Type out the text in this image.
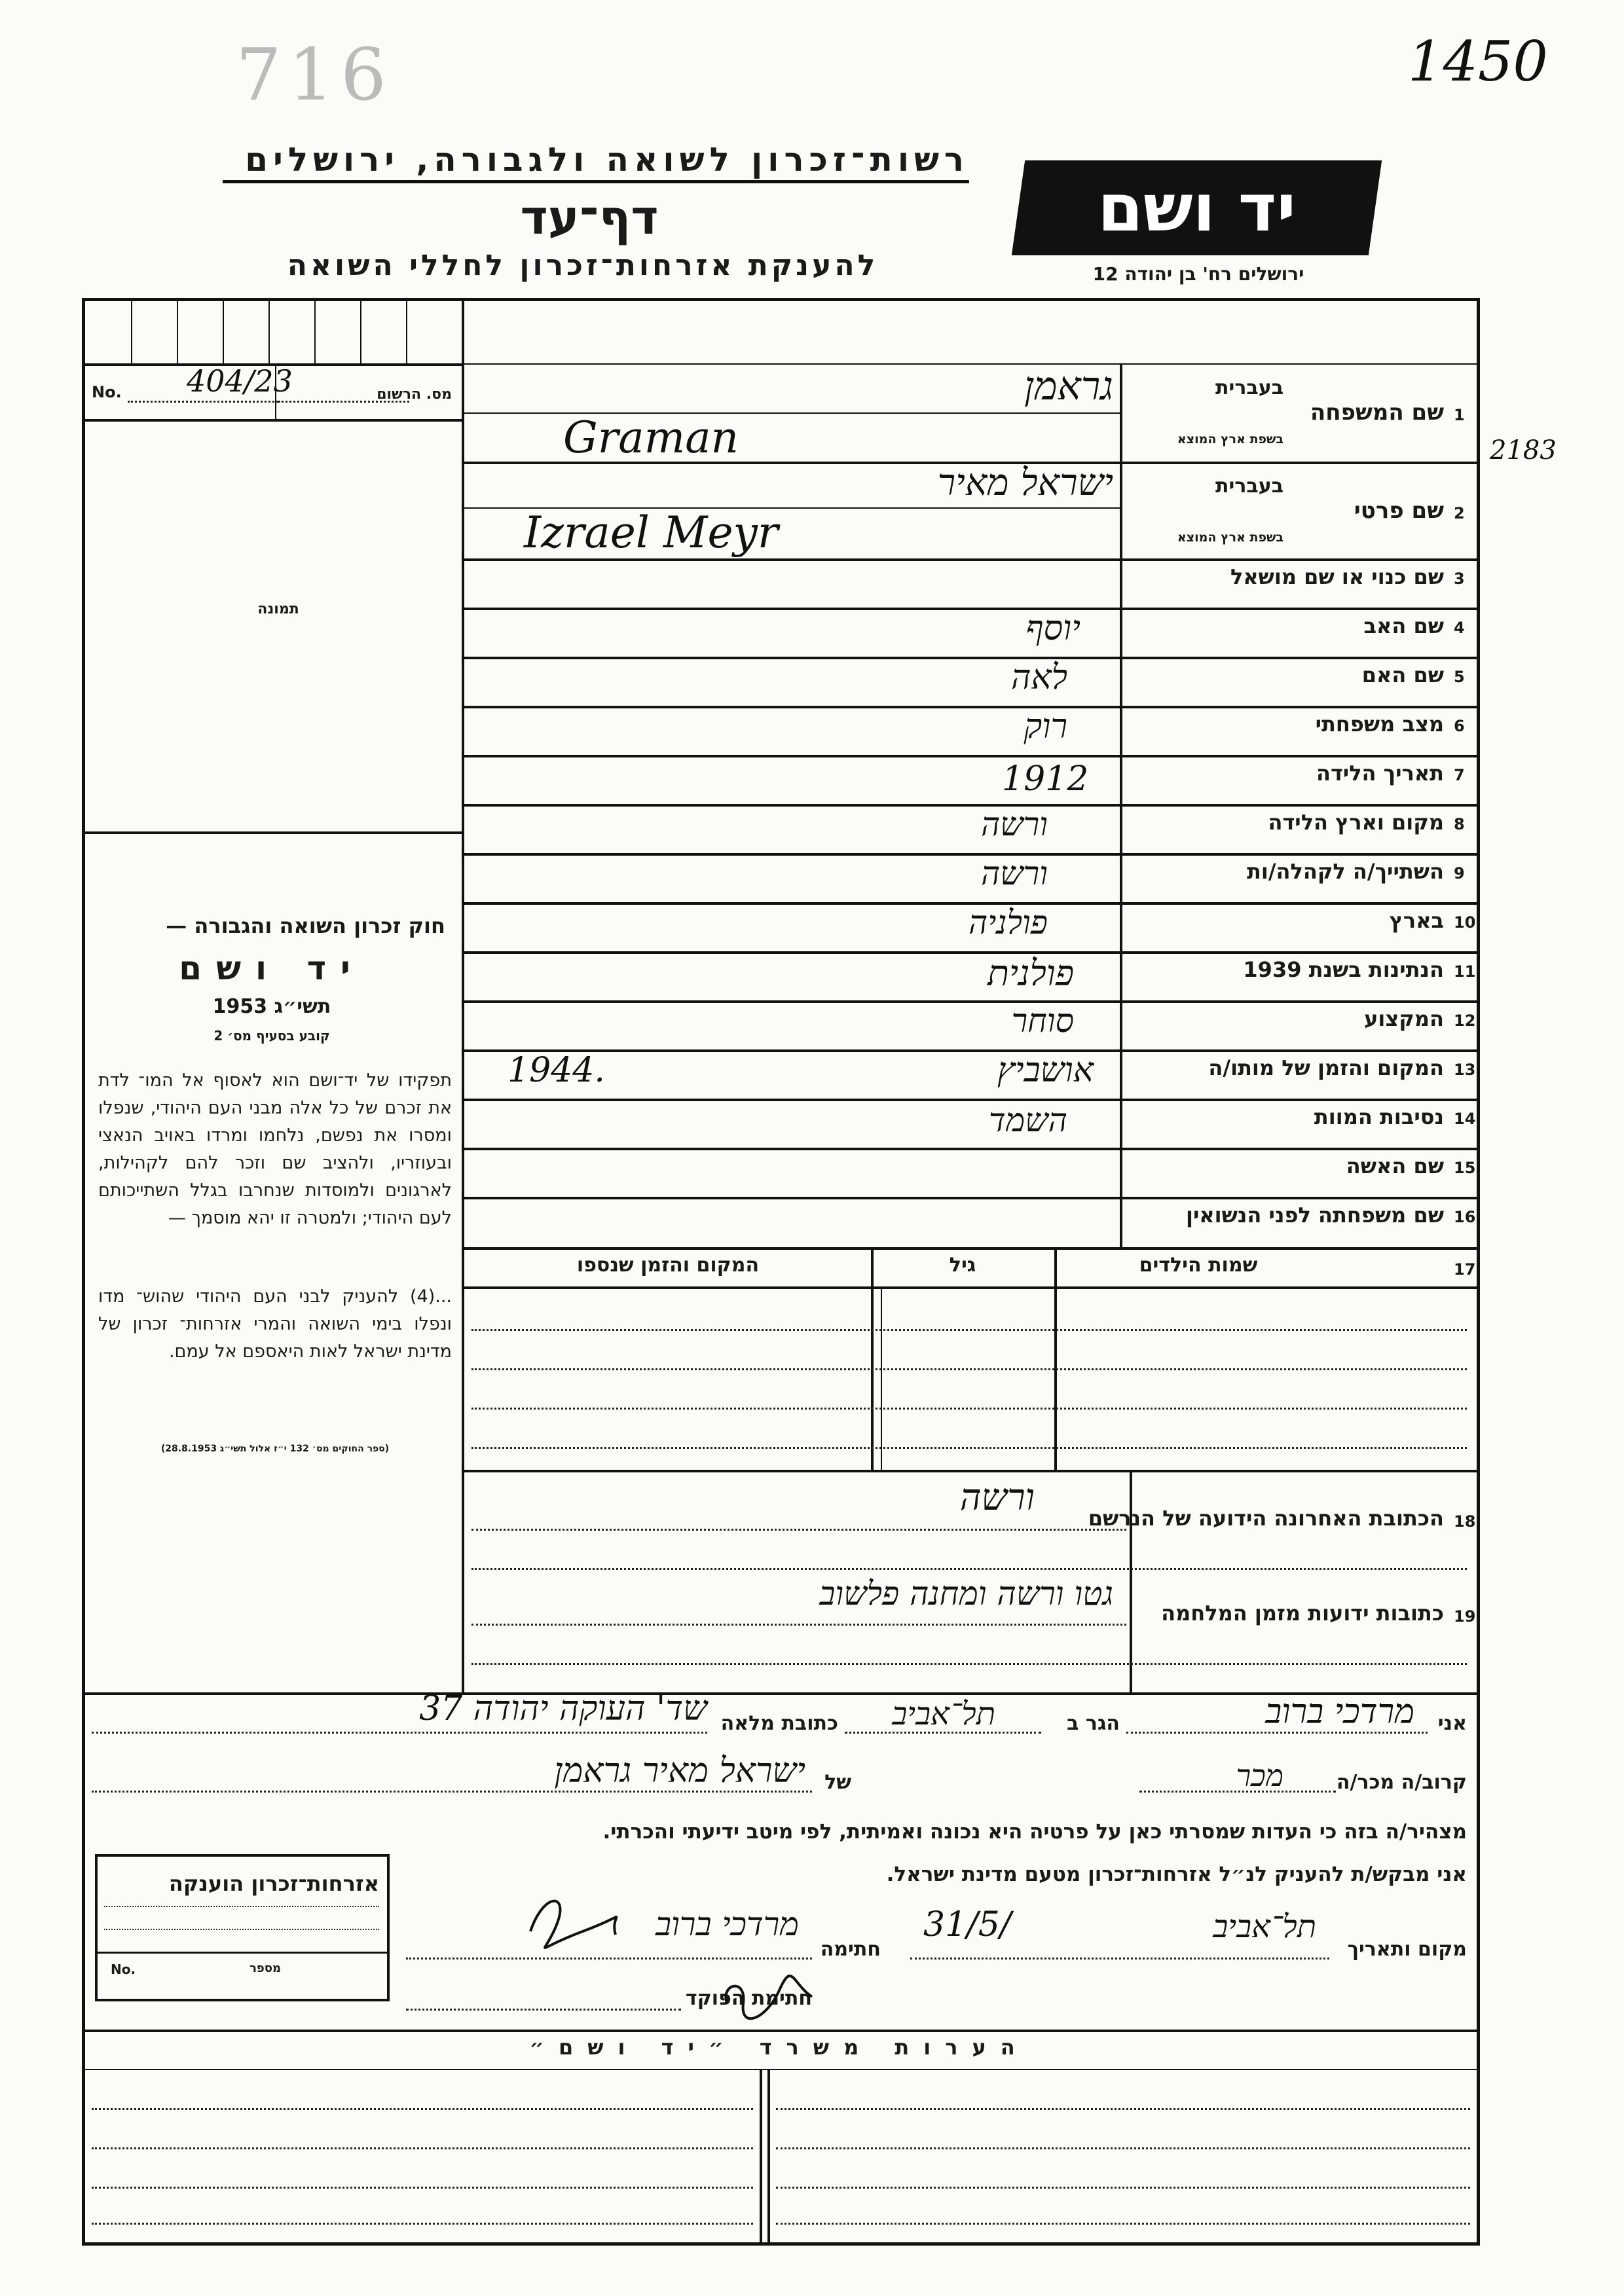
716	1450
2183
רשות־זכרון לשואה ולגבורה, ירושלים
דף־עד
להענקת אזרחות־זכרון לחללי השואה
יד ושם
ירושלים רח' בן יהודה 12
No. 404/23	מס. הרשום
תמונה
חוק זכרון השואה והגבורה —
יד ושם
תשי״ג 1953
קובע בסעיף מס׳ 2
תפקידו של יד־ושם הוא לאסוף אל המו־ לדת את זכרם של כל אלה מבני העם היהודי, שנפלו ומסרו את נפשם, נלחמו ומרדו באויב הנאצי ובעוזריו, ולהציב שם וזכר להם לקהילות, לארגונים ולמוסדות שנחרבו בגלל השתייכותם לעם היהודי; ולמטרה זו יהא מוסמך —
...(4) להעניק לבני העם היהודי שהוש־ מדו ונפלו בימי השואה והמרי אזרחות־ זכרון של מדינת ישראל לאות היאספם אל עמם.
(ספר החוקים מס׳ 132 י״ז אלול תשי״ג 28.8.1953)
1
שם המשפחה
בעברית
בשפת ארץ המוצא
גראמן
Graman
2
שם פרטי
בעברית
בשפת ארץ המוצא
ישראל מאיר
Izrael Meyr
3
שם כנוי או שם מושאל
4
שם האב
יוסף
5
שם האם
לאה
6
מצב משפחתי
רוק
7
תאריך הלידה
1912
8
מקום וארץ הלידה
ורשה
9
השתייך/ה לקהלה/ות
ורשה
10
בארץ
פולניה
11
הנתינות בשנת 1939
פולנית
12
המקצוע
סוחר
13
המקום והזמן של מותו/ה
אושביץ
1944.
14
נסיבות המוות
השמד
15
שם האשה
16
שם משפחתה לפני הנשואין
17
שמות הילדים
גיל
המקום והזמן שנספו
18
הכתובת האחרונה הידועה של הנרשם
ורשה
19
כתובות ידועות מזמן המלחמה
גטו ורשה ומחנה פלשוב
אני
מרדכי ברוב
הגר ב
תל־אביב
כתובת מלאה
שד' העוקה יהודה 37
קרוב/ה מכר/ה
מכר
של
ישראל מאיר גראמן
מצהיר/ה בזה כי העדות שמסרתי כאן על פרטיה היא נכונה ואמיתית, לפי מיטב ידיעתי והכרתי.
אני מבקש/ת להעניק לנ״ל אזרחות־זכרון מטעם מדינת ישראל.
מקום ותאריך
תל־אביב
31/5/
חתימה
מרדכי ברוב
חתימת הפוקד
אזרחות־זכרון הוענקה
No.	מספר
הערות משרד ״יד ושם״
